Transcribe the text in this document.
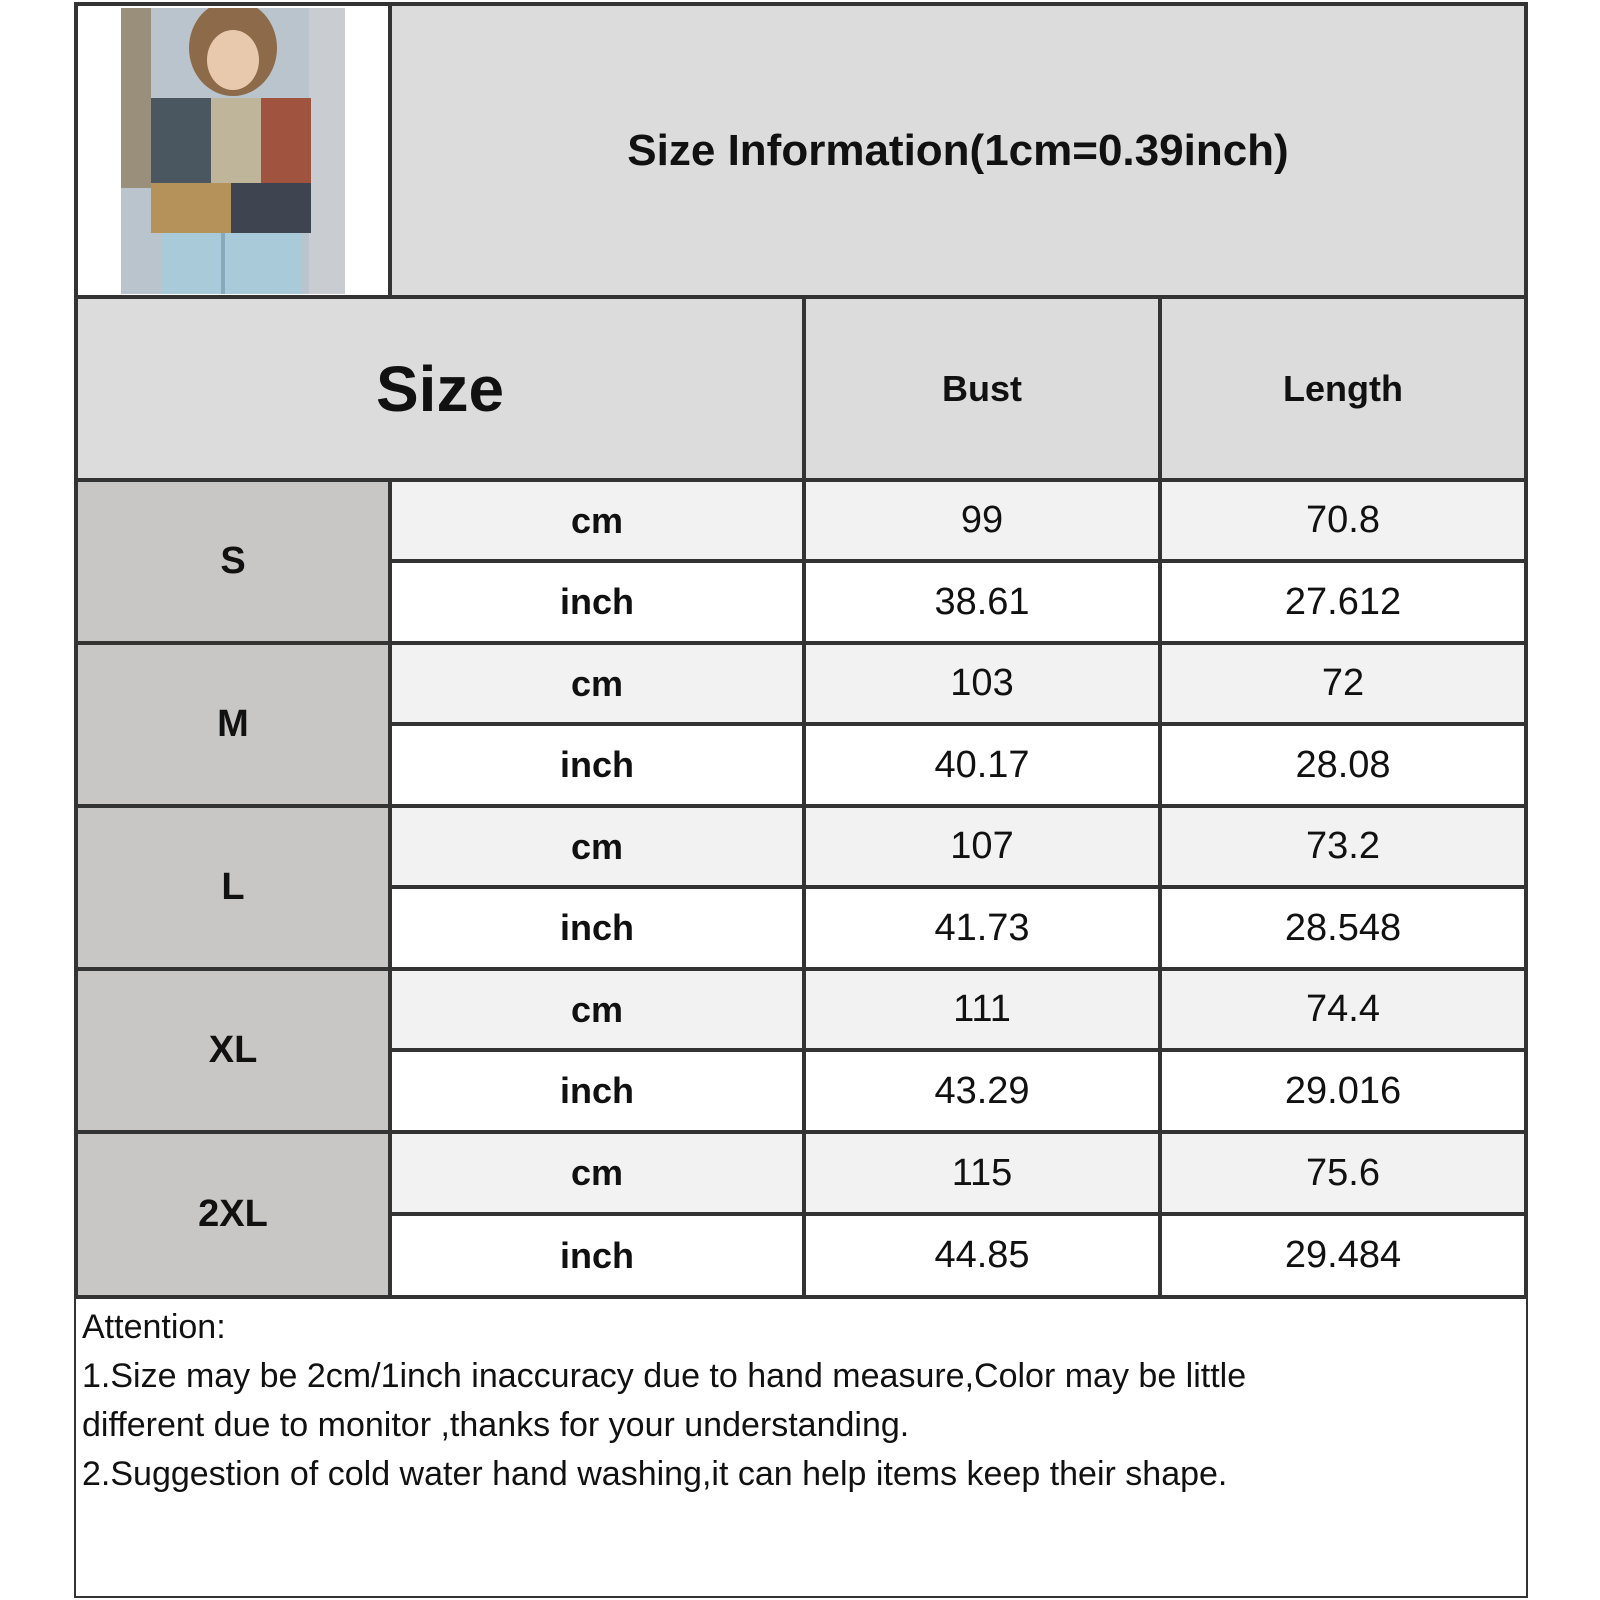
Size Information(1cm=0.39inch)
Size	Bust	Length
S
cm	99	70.8
inch	38.61	27.612
M
cm	103	72
inch	40.17	28.08
L
cm	107	73.2
inch	41.73	28.548
XL
cm	111	74.4
inch	43.29	29.016
2XL
cm	115	75.6
inch	44.85	29.484
Attention:
1.Size may be 2cm/1inch inaccuracy due to hand measure,Color may be little
different due to monitor ,thanks for your understanding.
2.Suggestion of cold water hand washing,it can help items keep their shape.
